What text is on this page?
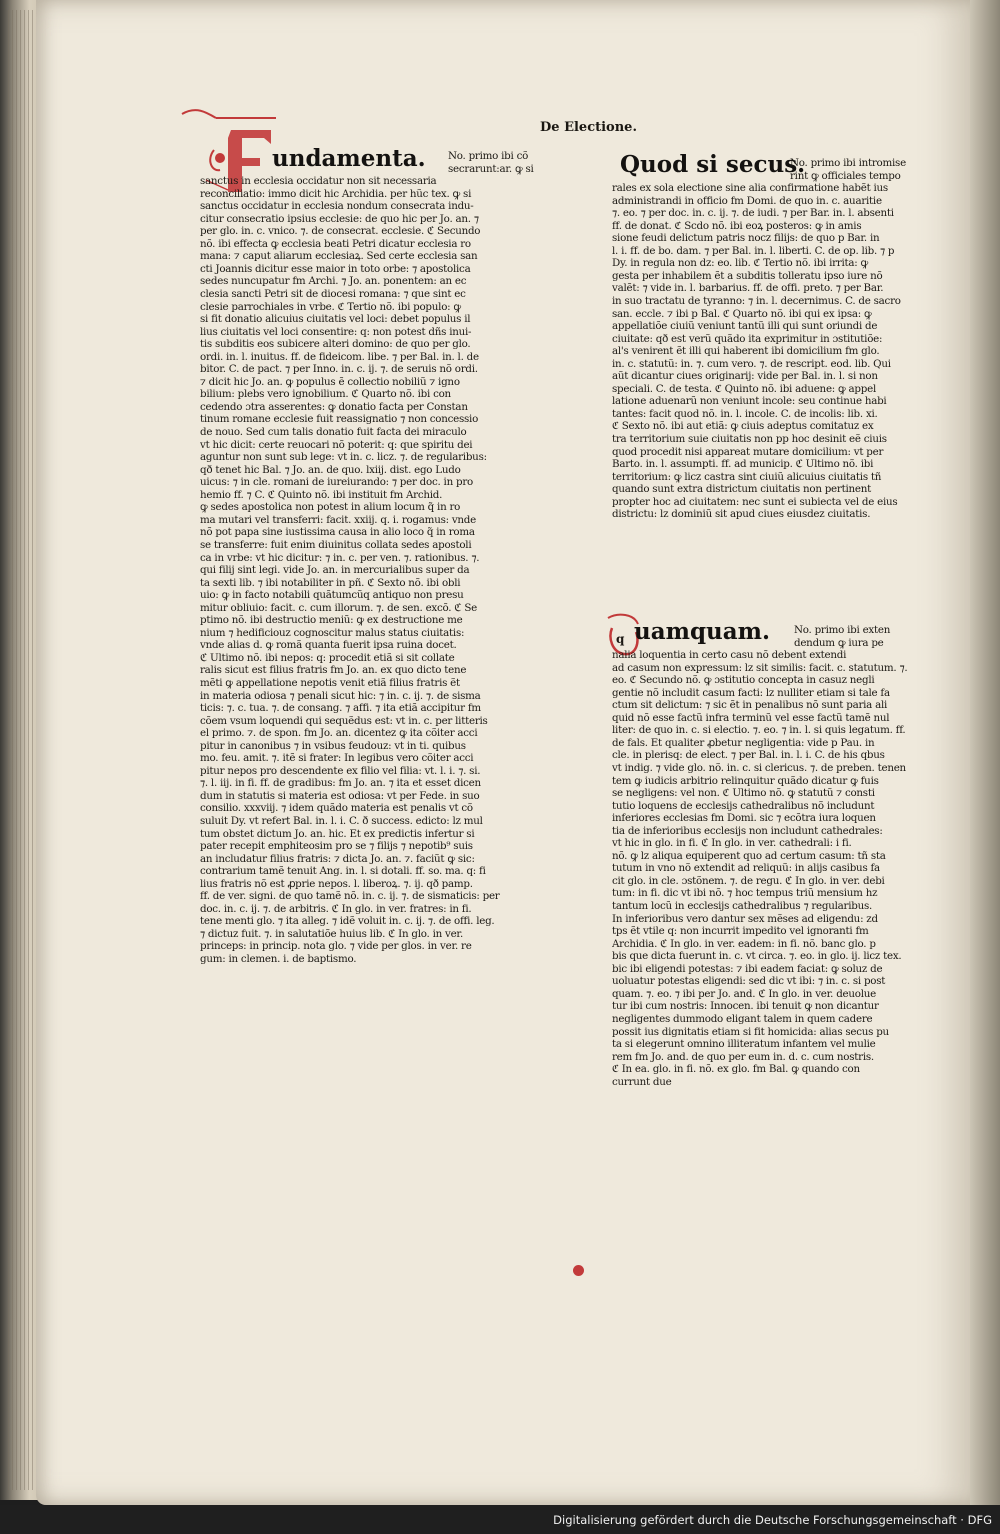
De Electione.
undamenta.	No. primo ibi cõ
secrarunt:ar. ꝙ si
sanctus in ecclesia occidatur non sit necessaria
reconciliatio: immo dicit hic Archidia. per hũc tex. ꝙ si
sanctus occidatur in ecclesia nondum consecrata indu-
citur consecratio ipsius ecclesie: de quo hic per Jo. an. ⁊
per glo. in. c. vnico. ⁊. de consecrat. ecclesie. ℭ Secundo
nõ. ibi effecta ꝙ ecclesia beati Petri dicatur ecclesia ro
mana: ⁊ caput aliarum ecclesiaꝝ. Sed certe ecclesia san
cti Joannis dicitur esse maior in toto orbe: ⁊ apostolica
sedes nuncupatur fm Archi. ⁊ Jo. an. ponentem: an ec
clesia sancti Petri sit de diocesi romana: ⁊ que sint ec
clesie parrochiales in vrbe. ℭ Tertio nõ. ibi populo: ꝙ
si fit donatio alicuius ciuitatis vel loci: debet populus il
lius ciuitatis vel loci consentire: q: non potest dñs inui-
tis subditis eos subicere alteri domino: de quo per glo.
ordi. in. l. inuitus. ff. de fideicom. libe. ⁊ per Bal. in. l. de
bitor. C. de pact. ⁊ per Inno. in. c. ij. ⁊. de seruis nõ ordi.
⁊ dicit hic Jo. an. ꝙ populus ẽ collectio nobiliũ ⁊ igno
bilium: plebs vero ignobilium. ℭ Quarto nõ. ibi con
cedendo ɔtra asserentes: ꝙ donatio facta per Constan
tinum romane ecclesie fuit reassignatio ⁊ non concessio
de nouo. Sed cum talis donatio fuit facta dei miraculo
vt hic dicit: certe reuocari nõ poterit: q: que spiritu dei
aguntur non sunt sub lege: vt in. c. licz. ⁊. de regularibus:
qð tenet hic Bal. ⁊ Jo. an. de quo. lxiij. dist. ego Ludo
uicus: ⁊ in cle. romani de iureiurando: ⁊ per doc. in pro
hemio ff. ⁊ C. ℭ Quinto nõ. ibi instituit fm Archid.
ꝙ sedes apostolica non potest in alium locum q̃ in ro
ma mutari vel transferri: facit. xxiij. q. i. rogamus: vnde
nõ pot papa sine iustissima causa in alio loco q̃ in roma
se transferre: fuit enim diuinitus collata sedes apostoli
ca in vrbe: vt hic dicitur: ⁊ in. c. per ven. ⁊. rationibus. ⁊.
qui filij sint legi. vide Jo. an. in mercurialibus super da
ta sexti lib. ⁊ ibi notabiliter in pñ. ℭ Sexto nõ. ibi obli
uio: ꝙ in facto notabili quãtumcũq antiquo non presu
mitur obliuio: facit. c. cum illorum. ⁊. de sen. excõ. ℭ Se
ptimo nõ. ibi destructio meniũ: ꝙ ex destructione me
nium ⁊ hedificiouz cognoscitur malus status ciuitatis:
vnde alias d. ꝙ romã quanta fuerit ipsa ruina docet.
ℭ Ultimo nõ. ibi nepos: q: procedit etiã si sit collate
ralis sicut est filius fratris fm Jo. an. ex quo dicto tene
mẽti ꝙ appellatione nepotis venit etiã filius fratris ẽt
in materia odiosa ⁊ penali sicut hic: ⁊ in. c. ij. ⁊. de sisma
ticis: ⁊. c. tua. ⁊. de consang. ⁊ affi. ⁊ ita etiã accipitur fm
cõem vsum loquendi qui sequẽdus est: vt in. c. per litteris
el primo. ⁊. de spon. fm Jo. an. dicentez ꝙ ita cõiter acci
pitur in canonibus ⁊ in vsibus feudouz: vt in ti. quibus
mo. feu. amit. ⁊. itẽ si frater: In legibus vero cõiter acci
pitur nepos pro descendente ex filio vel filia: vt. l. i. ⁊. si.
⁊. l. iij. in fi. ff. de gradibus: fm Jo. an. ⁊ ita et esset dicen
dum in statutis si materia est odiosa: vt per Fede. in suo
consilio. xxxviij. ⁊ idem quãdo materia est penalis vt cõ
suluit Dy. vt refert Bal. in. l. i. C. ð success. edicto: lz mul
tum obstet dictum Jo. an. hic. Et ex predictis infertur si
pater recepit emphiteosim pro se ⁊ filijs ⁊ nepotib⁹ suis
an includatur filius fratris: ⁊ dicta Jo. an. ⁊. faciũt ꝙ sic:
contrarium tamẽ tenuit Ang. in. l. si dotali. ff. so. ma. q: fi
lius fratris nõ est ꝓprie nepos. l. liberoꝝ. ⁊. ij. qð pamp.
ff. de ver. signi. de quo tamẽ nõ. in. c. ij. ⁊. de sismaticis: per
doc. in. c. ij. ⁊. de arbitris. ℭ In glo. in ver. fratres: in fi.
tene menti glo. ⁊ ita alleg. ⁊ idẽ voluit in. c. ij. ⁊. de offi. leg.
⁊ dictuz fuit. ⁊. in salutatiõe huius lib. ℭ In glo. in ver.
princeps: in princip. nota glo. ⁊ vide per glos. in ver. re
gum: in clemen. i. de baptismo.
Quod si secus.
No. primo ibi intromise
rint ꝙ officiales tempo
rales ex sola electione sine alia confirmatione habẽt ius
administrandi in officio fm Domi. de quo in. c. auaritie
⁊. eo. ⁊ per doc. in. c. ij. ⁊. de iudi. ⁊ per Bar. in. l. absenti
ff. de donat. ℭ Scdo nõ. ibi eoꝝ posteros: ꝙ in amis
sione feudi delictum patris nocz filijs: de quo p Bar. in
l. i. ff. de bo. dam. ⁊ per Bal. in. l. liberti. C. de op. lib. ⁊ p
Dy. in regula non dz: eo. lib. ℭ Tertio nõ. ibi irrita: ꝙ
gesta per inhabilem ẽt a subditis tolleratu ipso iure nõ
valẽt: ⁊ vide in. l. barbarius. ff. de offi. preto. ⁊ per Bar.
in suo tractatu de tyranno: ⁊ in. l. decernimus. C. de sacro
san. eccle. ⁊ ibi p Bal. ℭ Quarto nõ. ibi qui ex ipsa: ꝙ
appellatiõe ciuiũ veniunt tantũ illi qui sunt oriundi de
ciuitate: qð est verũ quãdo ita exprimitur in ɔstitutiõe:
al's venirent ẽt illi qui haberent ibi domicilium fm glo.
in. c. statutũ: in. ⁊. cum vero. ⁊. de rescript. eod. lib. Qui
aũt dicantur ciues originarij: vide per Bal. in. l. si non
speciali. C. de testa. ℭ Quinto nõ. ibi aduene: ꝙ appel
latione aduenarũ non veniunt incole: seu continue habi
tantes: facit quod nõ. in. l. incole. C. de incolis: lib. xi.
ℭ Sexto nõ. ibi aut etiã: ꝙ ciuis adeptus comitatuz ex
tra territorium suie ciuitatis non pp hoc desinit eẽ ciuis
quod procedit nisi appareat mutare domicilium: vt per
Barto. in. l. assumpti. ff. ad municip. ℭ Ultimo nõ. ibi
territorium: ꝙ licz castra sint ciuiũ alicuius ciuitatis tñ
quando sunt extra districtum ciuitatis non pertinent
propter hoc ad ciuitatem: nec sunt ei subiecta vel de eius
districtu: lz dominiũ sit apud ciues eiusdez ciuitatis.
q uamquam.	No. primo ibi exten
dendum ꝙ iura pe
nalia loquentia in certo casu nõ debent extendi
ad casum non expressum: lz sit similis: facit. c. statutum. ⁊.
eo. ℭ Secundo nõ. ꝙ ɔstitutio concepta in casuz negli
gentie nõ includit casum facti: lz nulliter etiam si tale fa
ctum sit delictum: ⁊ sic ẽt in penalibus nõ sunt paria ali
quid nõ esse factũ infra terminũ vel esse factũ tamẽ nul
liter: de quo in. c. si electio. ⁊. eo. ⁊ in. l. si quis legatum. ff.
de fals. Et qualiter ꝓbetur negligentia: vide p Pau. in
cle. in plerisq: de elect. ⁊ per Bal. in. l. i. C. de his qbus
vt indig. ⁊ vide glo. nõ. in. c. si clericus. ⁊. de preben. tenen
tem ꝙ iudicis arbitrio relinquitur quãdo dicatur ꝙ fuis
se negligens: vel non. ℭ Ultimo nõ. ꝙ statutũ ⁊ consti
tutio loquens de ecclesijs cathedralibus nõ includunt
inferiores ecclesias fm Domi. sic ⁊ ecõtra iura loquen
tia de inferioribus ecclesijs non includunt cathedrales:
vt hic in glo. in fi. ℭ In glo. in ver. cathedrali: i fi.
nõ. ꝙ lz aliqua equiperent quo ad certum casum: tñ sta
tutum in vno nõ extendit ad reliquũ: in alijs casibus fa
cit glo. in cle. ɔstõnem. ⁊. de regu. ℭ In glo. in ver. debi
tum: in fi. dic vt ibi nõ. ⁊ hoc tempus triũ mensium hz
tantum locũ in ecclesijs cathedralibus ⁊ regularibus.
In inferioribus vero dantur sex mẽses ad eligendu: zd
tps ẽt vtile q: non incurrit impedito vel ignoranti fm
Archidia. ℭ In glo. in ver. eadem: in fi. nõ. banc glo. p
bis que dicta fuerunt in. c. vt circa. ⁊. eo. in glo. ij. licz tex.
bic ibi eligendi potestas: ⁊ ibi eadem faciat: ꝙ soluz de
uoluatur potestas eligendi: sed dic vt ibi: ⁊ in. c. si post
quam. ⁊. eo. ⁊ ibi per Jo. and. ℭ In glo. in ver. deuolue
tur ibi cum nostris: Innocen. ibi tenuit ꝙ non dicantur
negligentes dummodo eligant talem in quem cadere
possit ius dignitatis etiam si fit homicida: alias secus pu
ta si elegerunt omnino illiteratum infantem vel mulie
rem fm Jo. and. de quo per eum in. d. c. cum nostris.
ℭ In ea. glo. in fi. nõ. ex glo. fm Bal. ꝙ quando con
currunt due
Digitalisierung gefördert durch die Deutsche Forschungsgemeinschaft · DFG
